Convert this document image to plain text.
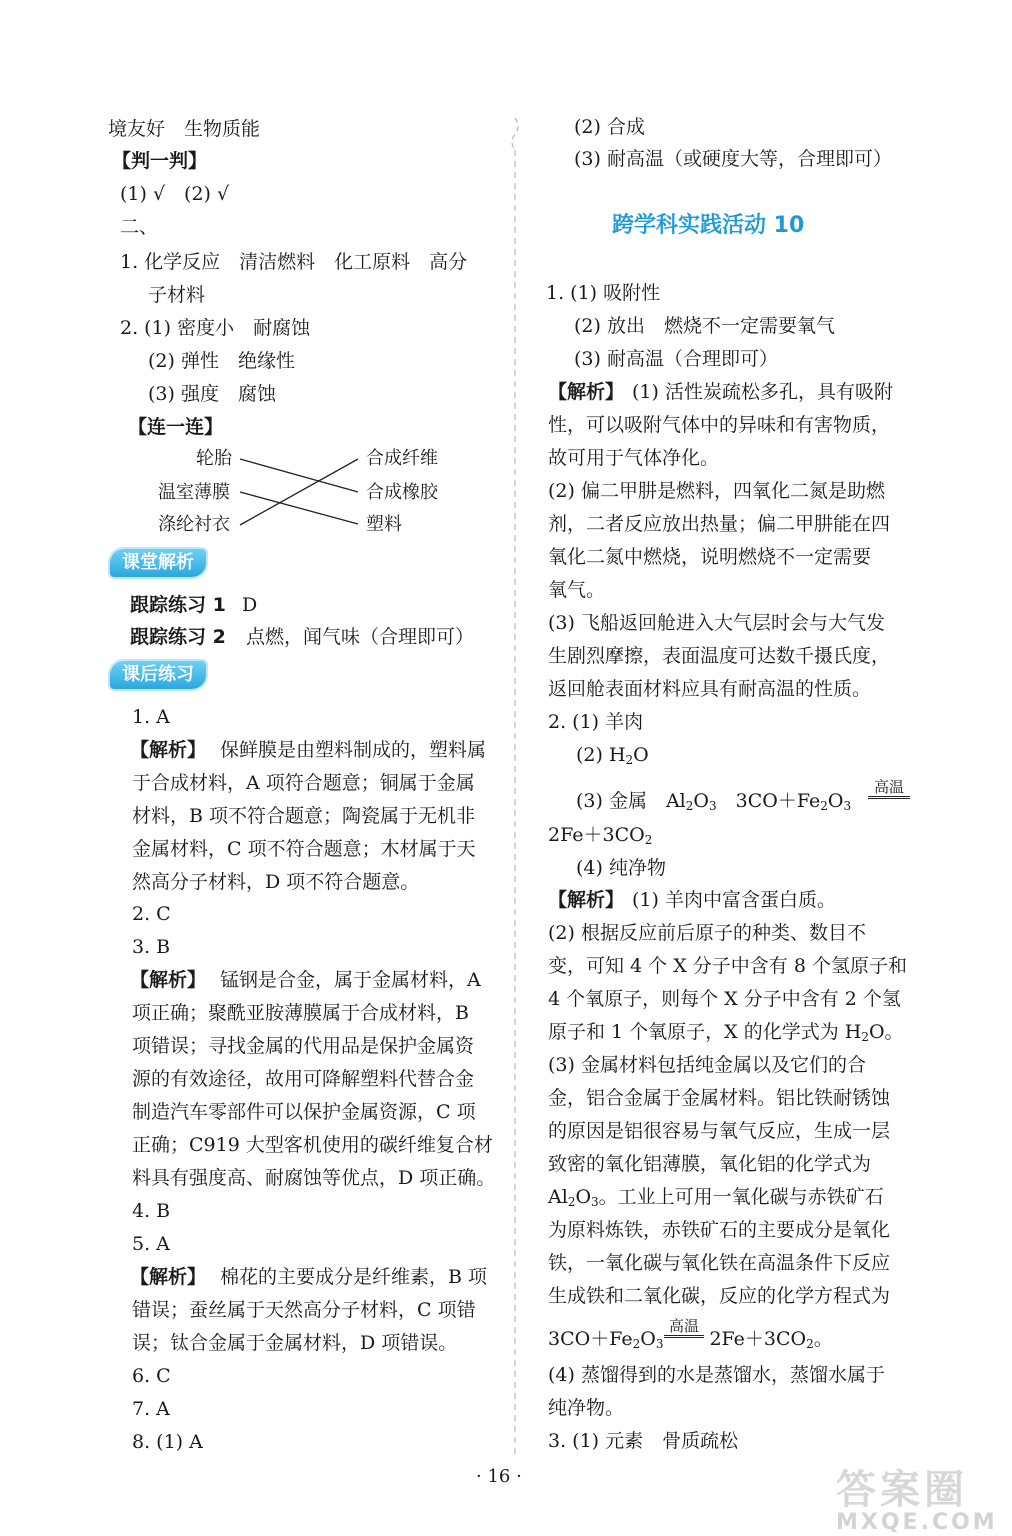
境友好　生物质能
【判一判】
(1) √　(2) √
二、
1. 化学反应　清洁燃料　化工原料　高分
子材料
2. (1) 密度小　耐腐蚀
(2) 弹性　绝缘性
(3) 强度　腐蚀
【连一连】
轮胎
温室薄膜
涤纶衬衣
合成纤维
合成橡胶
塑料
课堂解析
跟踪练习 1 D
跟踪练习 2 点燃，闻气味（合理即可）
课后练习
1. A
【解析】 保鲜膜是由塑料制成的，塑料属
于合成材料，A 项符合题意；铜属于金属
材料，B 项不符合题意；陶瓷属于无机非
金属材料，C 项不符合题意；木材属于天
然高分子材料，D 项不符合题意。
2. C
3. B
【解析】 锰钢是合金，属于金属材料，A
项正确；聚酰亚胺薄膜属于合成材料，B
项错误；寻找金属的代用品是保护金属资
源的有效途径，故用可降解塑料代替合金
制造汽车零部件可以保护金属资源，C 项
正确；C919 大型客机使用的碳纤维复合材
料具有强度高、耐腐蚀等优点，D 项正确。
4. B
5. A
【解析】 棉花的主要成分是纤维素，B 项
错误；蚕丝属于天然高分子材料，C 项错
误；钛合金属于金属材料，D 项错误。
6. C
7. A
8. (1) A
(2) 合成
(3) 耐高温（或硬度大等，合理即可）
跨学科实践活动 10
1. (1) 吸附性
(2) 放出　燃烧不一定需要氧气
(3) 耐高温（合理即可）
【解析】 (1) 活性炭疏松多孔，具有吸附
性，可以吸附气体中的异味和有害物质，
故可用于气体净化。
(2) 偏二甲肼是燃料，四氧化二氮是助燃
剂，二者反应放出热量；偏二甲肼能在四
氧化二氮中燃烧，说明燃烧不一定需要
氧气。
(3) 飞船返回舱进入大气层时会与大气发
生剧烈摩擦，表面温度可达数千摄氏度，
返回舱表面材料应具有耐高温的性质。
2. (1) 羊肉
(2) $H_2O$
(3) 金属　$Al_2O_3$　$3CO+Fe_2O_3$
高温
$2Fe+3CO_2$
(4) 纯净物
【解析】 (1) 羊肉中富含蛋白质。
(2) 根据反应前后原子的种类、数目不
变，可知 4 个 X 分子中含有 8 个氢原子和
4 个氧原子，则每个 X 分子中含有 2 个氢
原子和 1 个氧原子，X 的化学式为 $H_2O$。
(3) 金属材料包括纯金属以及它们的合
金，铝合金属于金属材料。铝比铁耐锈蚀
的原因是铝很容易与氧气反应，生成一层
致密的氧化铝薄膜，氧化铝的化学式为
$Al_2O_3$。工业上可用一氧化碳与赤铁矿石
为原料炼铁，赤铁矿石的主要成分是氧化
铁，一氧化碳与氧化铁在高温条件下反应
生成铁和二氧化碳，反应的化学方程式为
$3CO+Fe_2O_3$ $2Fe+3CO_2$。
高温
(4) 蒸馏得到的水是蒸馏水，蒸馏水属于
纯净物。
3. (1) 元素　骨质疏松
· 16 ·	答案圈
MXQE.COM
